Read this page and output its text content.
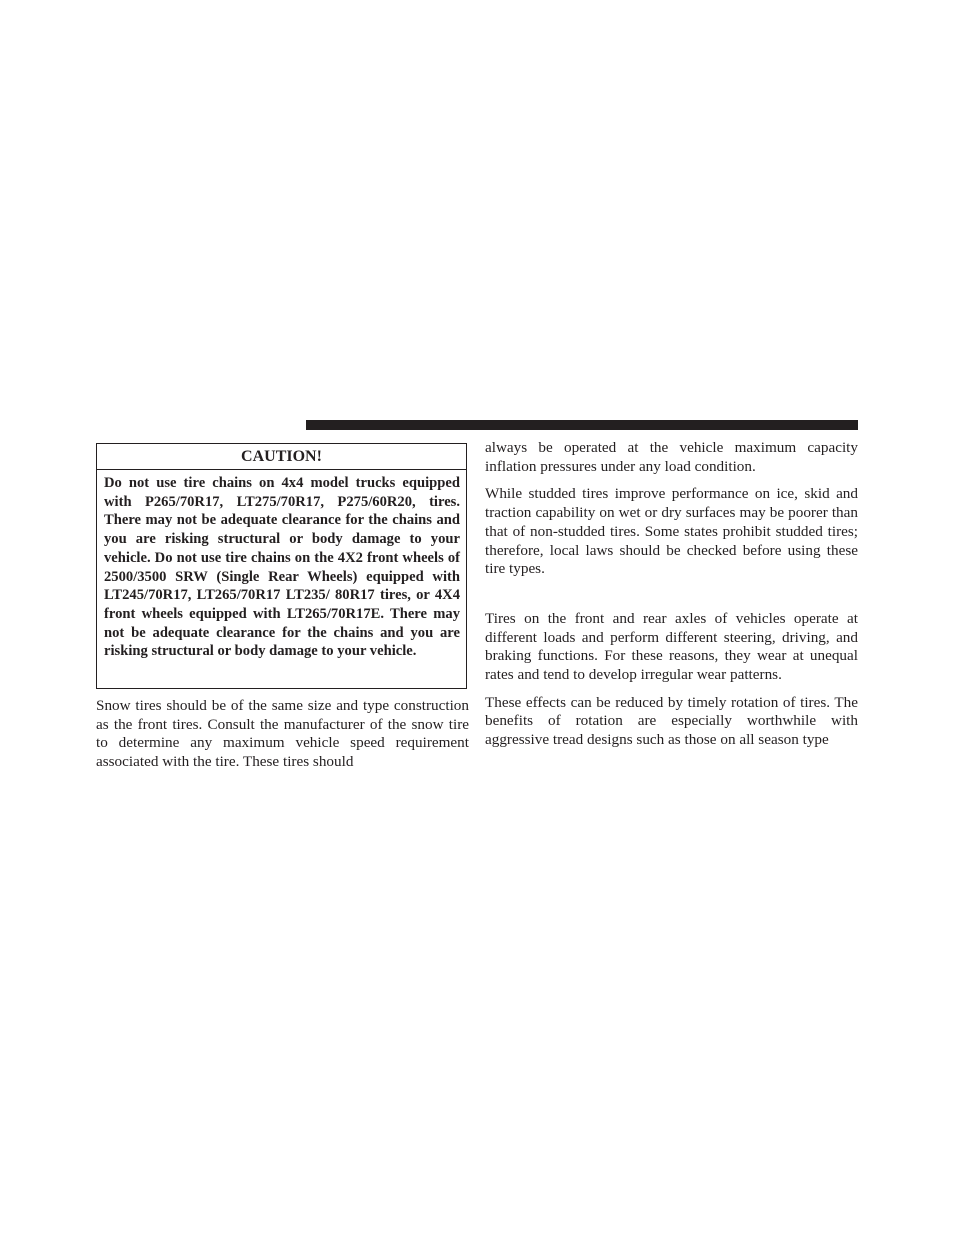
CAUTION!

Do not use tire chains on 4x4 model trucks equipped with P265/70R17, LT275/70R17, P275/60R20, tires. There may not be adequate clearance for the chains and you are risking structural or body damage to your vehicle. Do not use tire chains on the 4X2 front wheels of 2500/3500 SRW (Single Rear Wheels) equipped with LT245/70R17, LT265/70R17 LT235/ 80R17 tires, or 4X4 front wheels equipped with LT265/70R17E. There may not be adequate clearance for the chains and you are risking structural or body damage to your vehicle.

Snow tires should be of the same size and type construction as the front tires. Consult the manufacturer of the snow tire to determine any maximum vehicle speed requirement associated with the tire. These tires should

always be operated at the vehicle maximum capacity inflation pressures under any load condition.

While studded tires improve performance on ice, skid and traction capability on wet or dry surfaces may be poorer than that of non-studded tires. Some states prohibit studded tires; therefore, local laws should be checked before using these tire types.

Tires on the front and rear axles of vehicles operate at different loads and perform different steering, driving, and braking functions. For these reasons, they wear at unequal rates and tend to develop irregular wear patterns.

These effects can be reduced by timely rotation of tires. The benefits of rotation are especially worthwhile with aggressive tread designs such as those on all season type
